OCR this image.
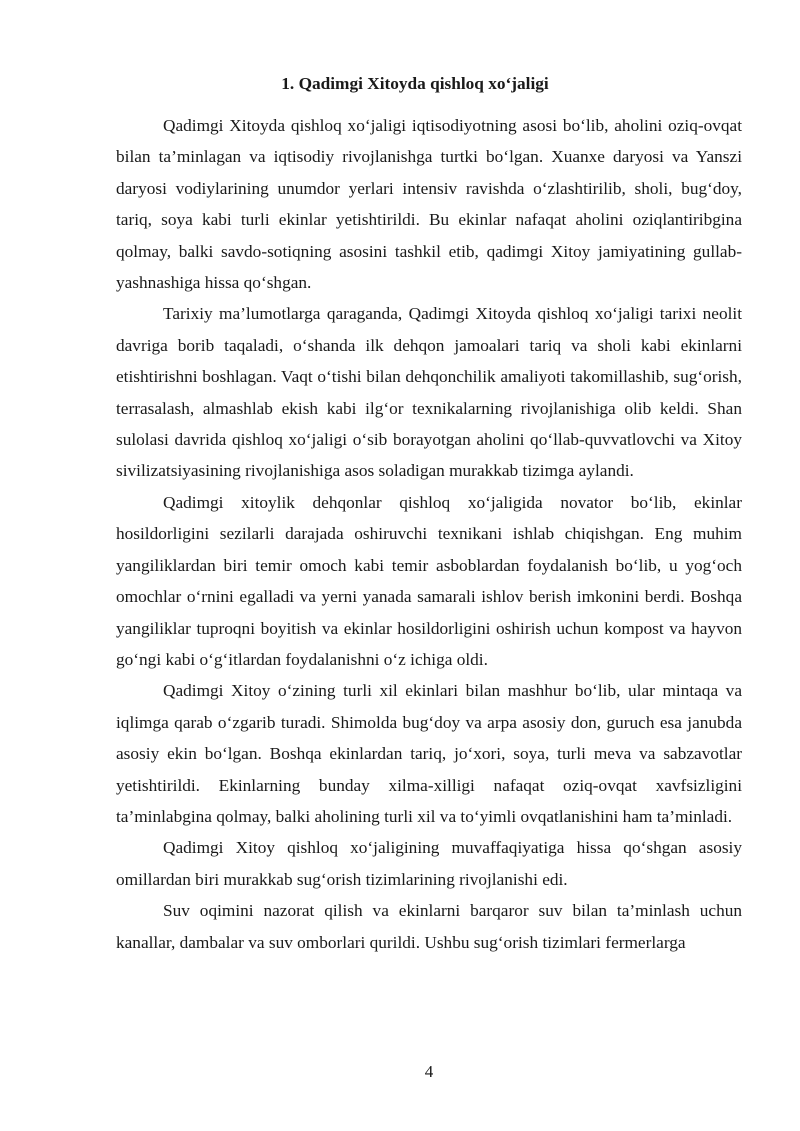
1. Qadimgi Xitoyda qishloq xo‘jaligi

Qadimgi Xitoyda qishloq xo‘jaligi iqtisodiyotning asosi bo‘lib, aholini oziq-ovqat bilan ta’minlagan va iqtisodiy rivojlanishga turtki bo‘lgan. Xuanxe daryosi va Yanszi daryosi vodiylarining unumdor yerlari intensiv ravishda o‘zlashtirilib, sholi, bug‘doy, tariq, soya kabi turli ekinlar yetishtirildi. Bu ekinlar nafaqat aholini oziqlantiribgina qolmay, balki savdo-sotiqning asosini tashkil etib, qadimgi Xitoy jamiyatining gullab-yashnashiga hissa qo‘shgan.

Tarixiy ma’lumotlarga qaraganda, Qadimgi Xitoyda qishloq xo‘jaligi tarixi neolit davriga borib taqaladi, o‘shanda ilk dehqon jamoalari tariq va sholi kabi ekinlarni etishtirishni boshlagan. Vaqt o‘tishi bilan dehqonchilik amaliyoti takomillashib, sug‘orish, terrasalash, almashlab ekish kabi ilg‘or texnikalarning rivojlanishiga olib keldi. Shan sulolasi davrida qishloq xo‘jaligi o‘sib borayotgan aholini qo‘llab-quvvatlovchi va Xitoy sivilizatsiyasining rivojlanishiga asos soladigan murakkab tizimga aylandi.

Qadimgi xitoylik dehqonlar qishloq xo‘jaligida novator bo‘lib, ekinlar hosildorligini sezilarli darajada oshiruvchi texnikani ishlab chiqishgan. Eng muhim yangiliklardan biri temir omoch kabi temir asboblardan foydalanish bo‘lib, u yog‘och omochlar o‘rnini egalladi va yerni yanada samarali ishlov berish imkonini berdi. Boshqa yangiliklar tuproqni boyitish va ekinlar hosildorligini oshirish uchun kompost va hayvon go‘ngi kabi o‘g‘itlardan foydalanishni o‘z ichiga oldi.

Qadimgi Xitoy o‘zining turli xil ekinlari bilan mashhur bo‘lib, ular mintaqa va iqlimga qarab o‘zgarib turadi. Shimolda bug‘doy va arpa asosiy don, guruch esa janubda asosiy ekin bo‘lgan. Boshqa ekinlardan tariq, jo‘xori, soya, turli meva va sabzavotlar yetishtirildi. Ekinlarning bunday xilma-xilligi nafaqat oziq-ovqat xavfsizligini ta’minlabgina qolmay, balki aholining turli xil va to‘yimli ovqatlanishini ham ta’minladi.

Qadimgi Xitoy qishloq xo‘jaligining muvaffaqiyatiga hissa qo‘shgan asosiy omillardan biri murakkab sug‘orish tizimlarining rivojlanishi edi.

Suv oqimini nazorat qilish va ekinlarni barqaror suv bilan ta’minlash uchun kanallar, dambalar va suv omborlari qurildi. Ushbu sug‘orish tizimlari fermerlarga

4
